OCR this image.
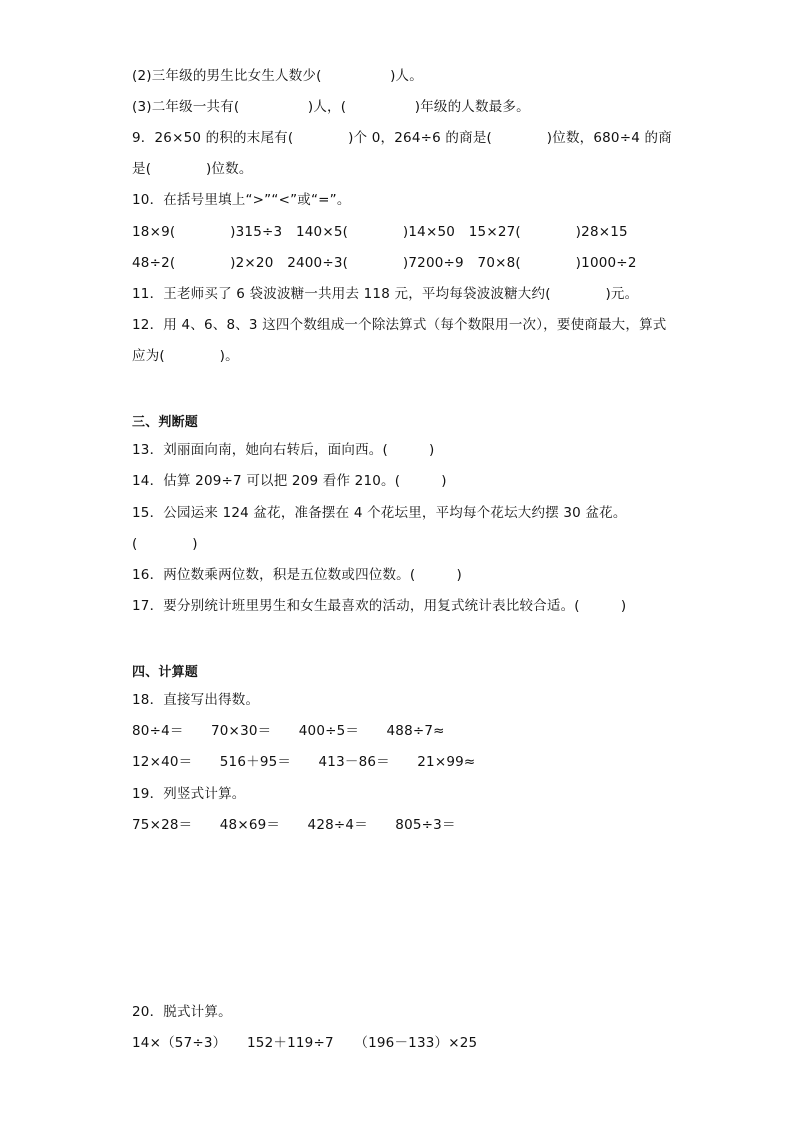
(2)三年级的男生比女生人数少(　　　　　)人。
(3)二年级一共有(　　　　　)人，(　　　　　)年级的人数最多。
9．26×50 的积的末尾有(　　　　)个 0，264÷6 的商是(　　　　)位数，680÷4 的商
是(　　　　)位数。
10．在括号里填上“>”“<”或“=”。
18×9(　　　　)315÷3　140×5(　　　　)14×50　15×27(　　　　)28×15
48÷2(　　　　)2×20　2400÷3(　　　　)7200÷9　70×8(　　　　)1000÷2
11．王老师买了 6 袋波波糖一共用去 118 元，平均每袋波波糖大约(　　　　)元。
12．用 4、6、8、3 这四个数组成一个除法算式（每个数限用一次），要使商最大，算式
应为(　　　　)。
三、判断题
13．刘丽面向南，她向右转后，面向西。(　　　)
14．估算 209÷7 可以把 209 看作 210。(　　　)
15．公园运来 124 盆花，准备摆在 4 个花坛里，平均每个花坛大约摆 30 盆花。
(　　　　)
16．两位数乘两位数，积是五位数或四位数。(　　　)
17．要分别统计班里男生和女生最喜欢的活动，用复式统计表比较合适。(　　　)
四、计算题
18．直接写出得数。
80÷4＝　　70×30＝　　400÷5＝　　488÷7≈
12×40＝　　516＋95＝　　413－86＝　　21×99≈
19．列竖式计算。
75×28＝　　48×69＝　　428÷4＝　　805÷3＝
20．脱式计算。
14×（57÷3）　　152＋119÷7　　（196－133）×25
